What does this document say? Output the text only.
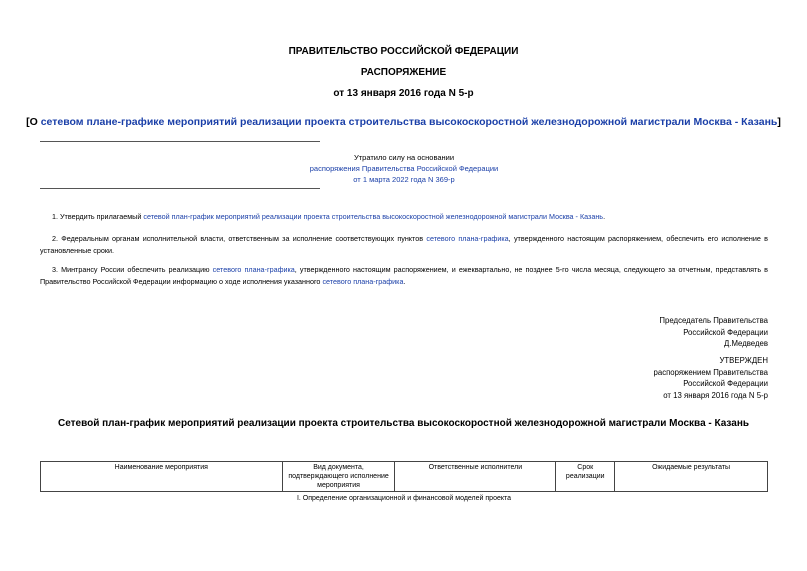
ПРАВИТЕЛЬСТВО РОССИЙСКОЙ ФЕДЕРАЦИИ
РАСПОРЯЖЕНИЕ
от 13 января 2016 года N 5-р
[О сетевом плане-графике мероприятий реализации проекта строительства высокоскоростной железнодорожной магистрали Москва - Казань]
Утратило силу на основании
распоряжения Правительства Российской Федерации
от 1 марта 2022 года N 369-р
1. Утвердить прилагаемый сетевой план-график мероприятий реализации проекта строительства высокоскоростной железнодорожной магистрали Москва - Казань.
2. Федеральным органам исполнительной власти, ответственным за исполнение соответствующих пунктов сетевого плана-графика, утвержденного настоящим распоряжением, обеспечить его исполнение в установленные сроки.
3. Минтрансу России обеспечить реализацию сетевого плана-графика, утвержденного настоящим распоряжением, и ежеквартально, не позднее 5-го числа месяца, следующего за отчетным, представлять в Правительство Российской Федерации информацию о ходе исполнения указанного сетевого плана-графика.
Председатель Правительства
Российской Федерации
Д.Медведев
УТВЕРЖДЕН
распоряжением Правительства
Российской Федерации
от 13 января 2016 года N 5-р
Сетевой план-график мероприятий реализации проекта строительства высокоскоростной железнодорожной магистрали Москва - Казань
Наименование мероприятия	Вид документа, подтверждающего исполнение мероприятия	Ответственные исполнители	Срок реализации	Ожидаемые результаты
I. Определение организационной и финансовой моделей проекта
